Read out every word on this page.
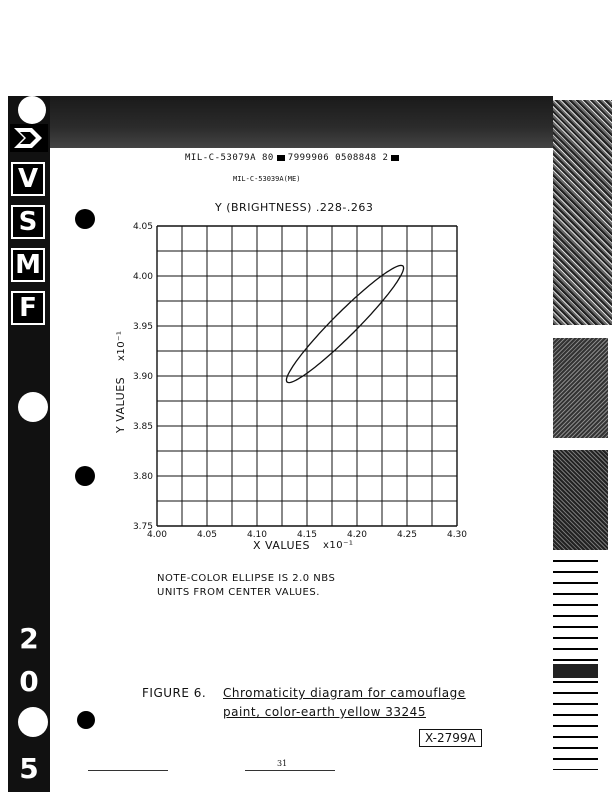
V
S
M
F
2
0
5
MIL-C-53079A 80 7999906 0508848 2
MIL-C-53039A(ME)
Y (BRIGHTNESS) .228-.263
4.00	4.05	4.10	4.15	4.20	4.25	4.30
4.05
4.00
3.95
3.90
3.85
3.80
3.75
X VALUES x10⁻¹
Y VALUES
x10⁻¹
NOTE-COLOR ELLIPSE IS 2.0 NBS
UNITS FROM CENTER VALUES.
FIGURE 6. Chromaticity diagram for camouflage
paint, color-earth yellow 33245
X-2799A
31
